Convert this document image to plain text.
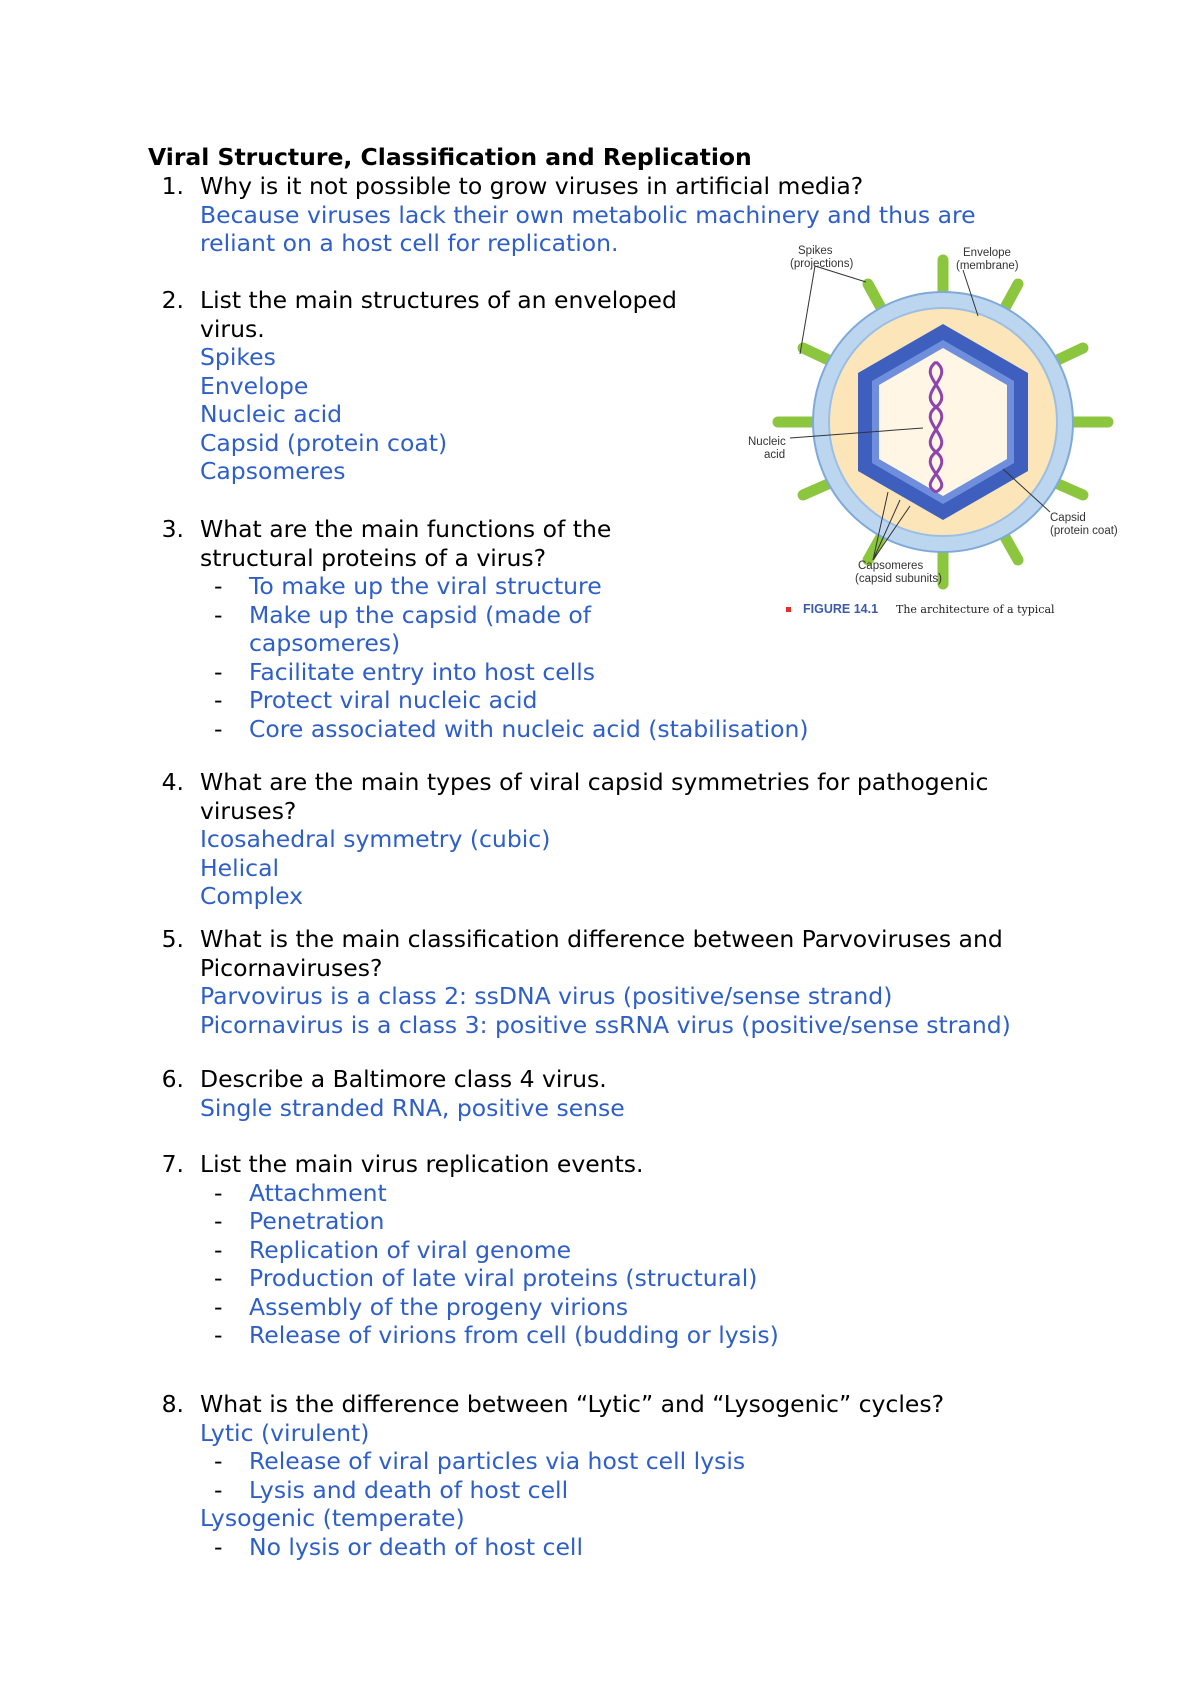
Viral Structure, Classification and Replication
1. Why is it not possible to grow viruses in artificial media?
Because viruses lack their own metabolic machinery and thus are
reliant on a host cell for replication.
2. List the main structures of an enveloped
virus.
Spikes
Envelope
Nucleic acid
Capsid (protein coat)
Capsomeres
3. What are the main functions of the
structural proteins of a virus?
- To make up the viral structure
- Make up the capsid (made of
capsomeres)
- Facilitate entry into host cells
- Protect viral nucleic acid
- Core associated with nucleic acid (stabilisation)
4. What are the main types of viral capsid symmetries for pathogenic
viruses?
Icosahedral symmetry (cubic)
Helical
Complex
5. What is the main classification difference between Parvoviruses and
Picornaviruses?
Parvovirus is a class 2: ssDNA virus (positive/sense strand)
Picornavirus is a class 3: positive ssRNA virus (positive/sense strand)
6. Describe a Baltimore class 4 virus.
Single stranded RNA, positive sense
7. List the main virus replication events.
- Attachment
- Penetration
- Replication of viral genome
- Production of late viral proteins (structural)
- Assembly of the progeny virions
- Release of virions from cell (budding or lysis)
8. What is the difference between “Lytic” and “Lysogenic” cycles?
Lytic (virulent)
- Release of viral particles via host cell lysis
- Lysis and death of host cell
Lysogenic (temperate)
- No lysis or death of host cell
Spikes
(projections)
Envelope
(membrane)
Nucleic
acid
Capsid
(protein coat)
Capsomeres
(capsid subunits)
FIGURE 14.1 The architecture of a typical
